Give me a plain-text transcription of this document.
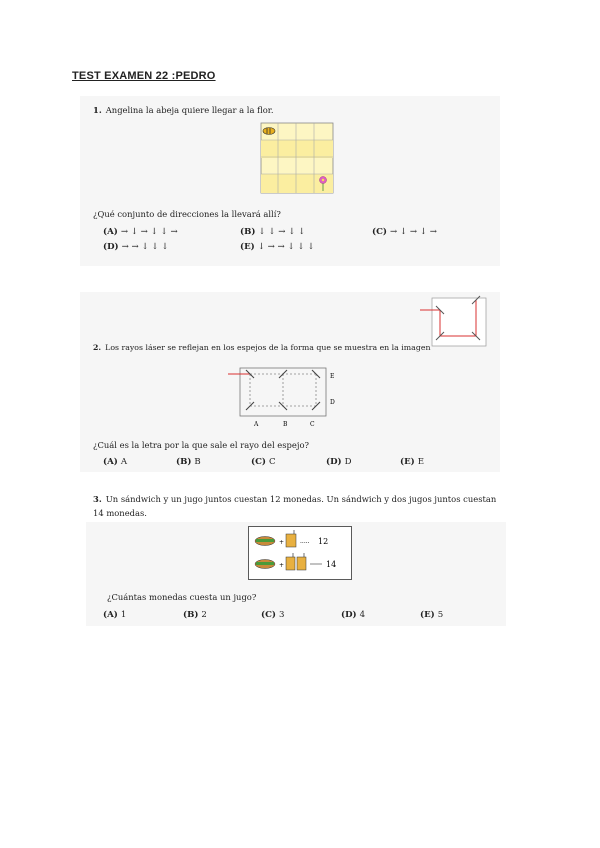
TEST EXAMEN 22 :PEDRO
1. Angelina la abeja quiere llegar a la flor.
¿Qué conjunto de direcciones la llevará allí?
(A) → ↓ → ↓ ↓ →	(B) ↓ ↓ → ↓ ↓	(C) → ↓ → ↓ →
(D) → → ↓ ↓ ↓	(E) ↓ → → ↓ ↓ ↓
2. Los rayos láser se reflejan en los espejos de la forma que se muestra en la imagen
E
D
A	B	C
¿Cuál es la letra por la que sale el rayo del espejo?
(A) A	(B) B	(C) C	(D) D	(E) E
3. Un sándwich y un jugo juntos cuestan 12 monedas. Un sándwich y dos jugos juntos cuestan
14 monedas.
+	..... 12
+	14
¿Cuántas monedas cuesta un jugo?
(A) 1	(B) 2	(C) 3	(D) 4	(E) 5
